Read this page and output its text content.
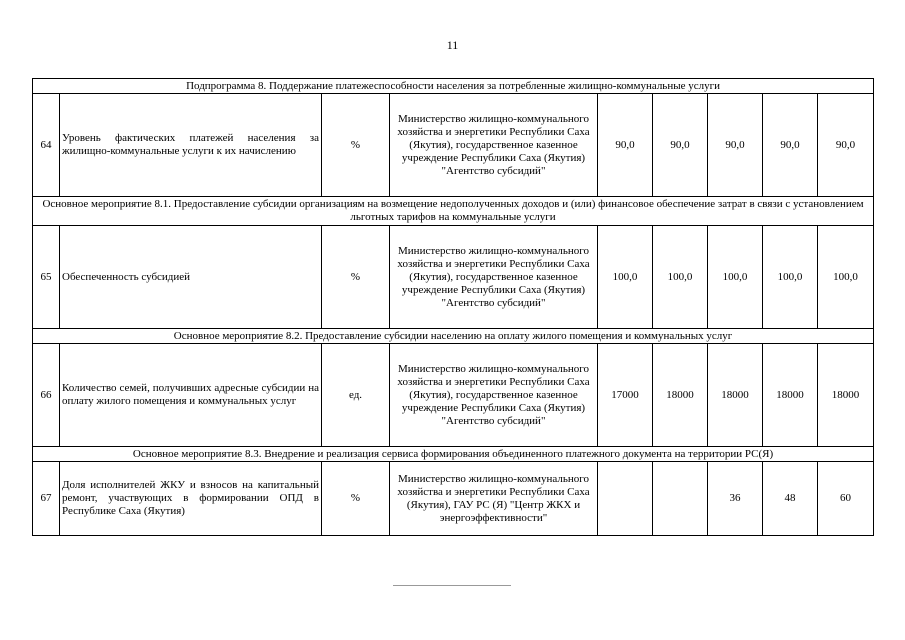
11
Подпрограмма 8. Поддержание платежеспособности населения за потребленные жилищно-коммунальные услуги								
64	Уровень фактических платежей населения за жилищно-коммунальные услуги к их начислению	%	Министерство жилищно-коммунального хозяйства и энергетики Республики Саха (Якутия), государственное казенное учреждение Республики Саха (Якутия) "Агентство субсидий"	90,0	90,0	90,0	90,0	90,0
Основное мероприятие 8.1. Предоставление субсидии организациям на возмещение недополученных доходов и (или) финансовое обеспечение затрат в связи с установлением льготных тарифов на коммунальные услуги								
65	Обеспеченность субсидией	%	Министерство жилищно-коммунального хозяйства и энергетики Республики Саха (Якутия), государственное казенное учреждение Республики Саха (Якутия) "Агентство субсидий"	100,0	100,0	100,0	100,0	100,0
Основное мероприятие 8.2. Предоставление субсидии населению на оплату жилого помещения и коммунальных услуг								
66	Количество семей, получивших адресные субсидии на оплату жилого помещения и коммунальных услуг	ед.	Министерство жилищно-коммунального хозяйства и энергетики Республики Саха (Якутия), государственное казенное учреждение Республики Саха (Якутия) "Агентство субсидий"	17000	18000	18000	18000	18000
Основное мероприятие 8.3. Внедрение и реализация сервиса формирования объединенного платежного документа на территории РС(Я)								
67	Доля исполнителей ЖКУ и взносов на капитальный ремонт, участвующих в формировании ОПД в Республике Саха (Якутия)	%	Министерство жилищно-коммунального хозяйства и энергетики Республики Саха (Якутия), ГАУ РС (Я) "Центр ЖКХ и энергоэффективности"			36	48	60
